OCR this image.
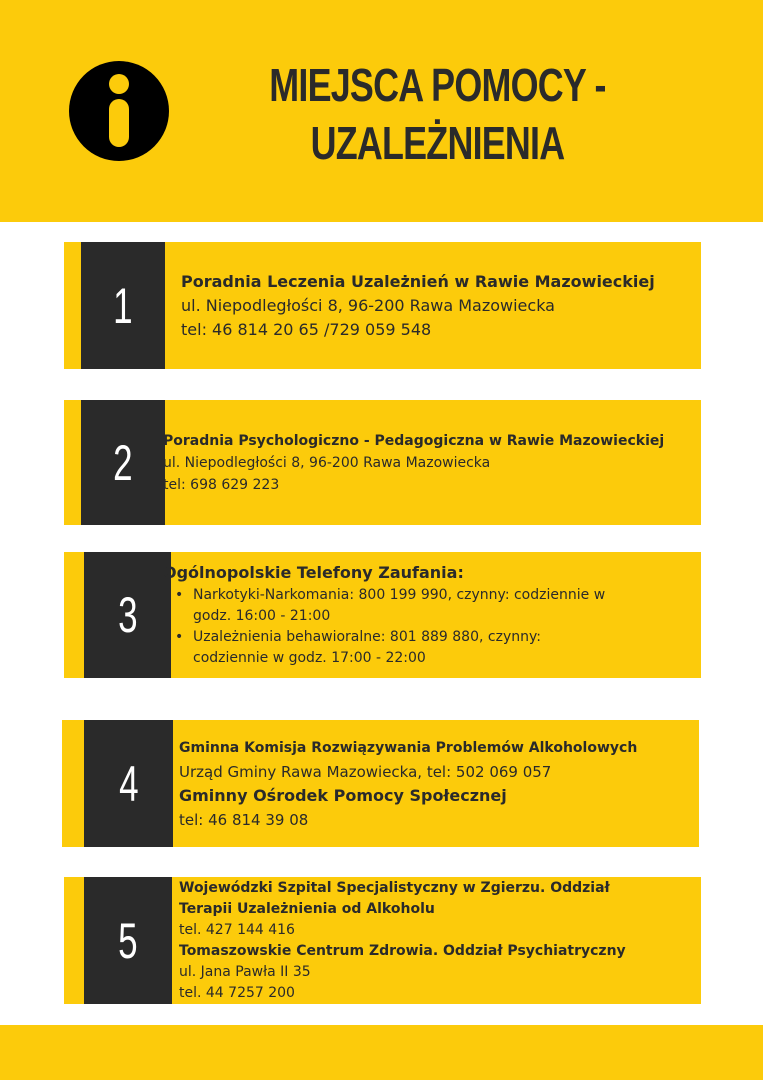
MIEJSCA POMOCY -
UZALEŻNIENIA
1	Poradnia Leczenia Uzależnień w Rawie Mazowieckiej
ul. Niepodległości 8, 96-200 Rawa Mazowiecka
tel: 46 814 20 65 /729 059 548
2 Poradnia Psychologiczno - Pedagogiczna w Rawie Mazowieckiej
ul. Niepodległości 8, 96-200 Rawa Mazowiecka
tel: 698 629 223
3
Ogólnopolskie Telefony Zaufania:
• Narkotyki-Narkomania: 800 199 990, czynny: codziennie w
godz. 16:00 - 21:00
• Uzależnienia behawioralne: 801 889 880, czynny:
codziennie w godz. 17:00 - 22:00
4
Gminna Komisja Rozwiązywania Problemów Alkoholowych
Urząd Gminy Rawa Mazowiecka, tel: 502 069 057
Gminny Ośrodek Pomocy Społecznej
tel: 46 814 39 08
5
Wojewódzki Szpital Specjalistyczny w Zgierzu. Oddział
Terapii Uzależnienia od Alkoholu
tel. 427 144 416
Tomaszowskie Centrum Zdrowia. Oddział Psychiatryczny
ul. Jana Pawła II 35
tel. 44 7257 200
